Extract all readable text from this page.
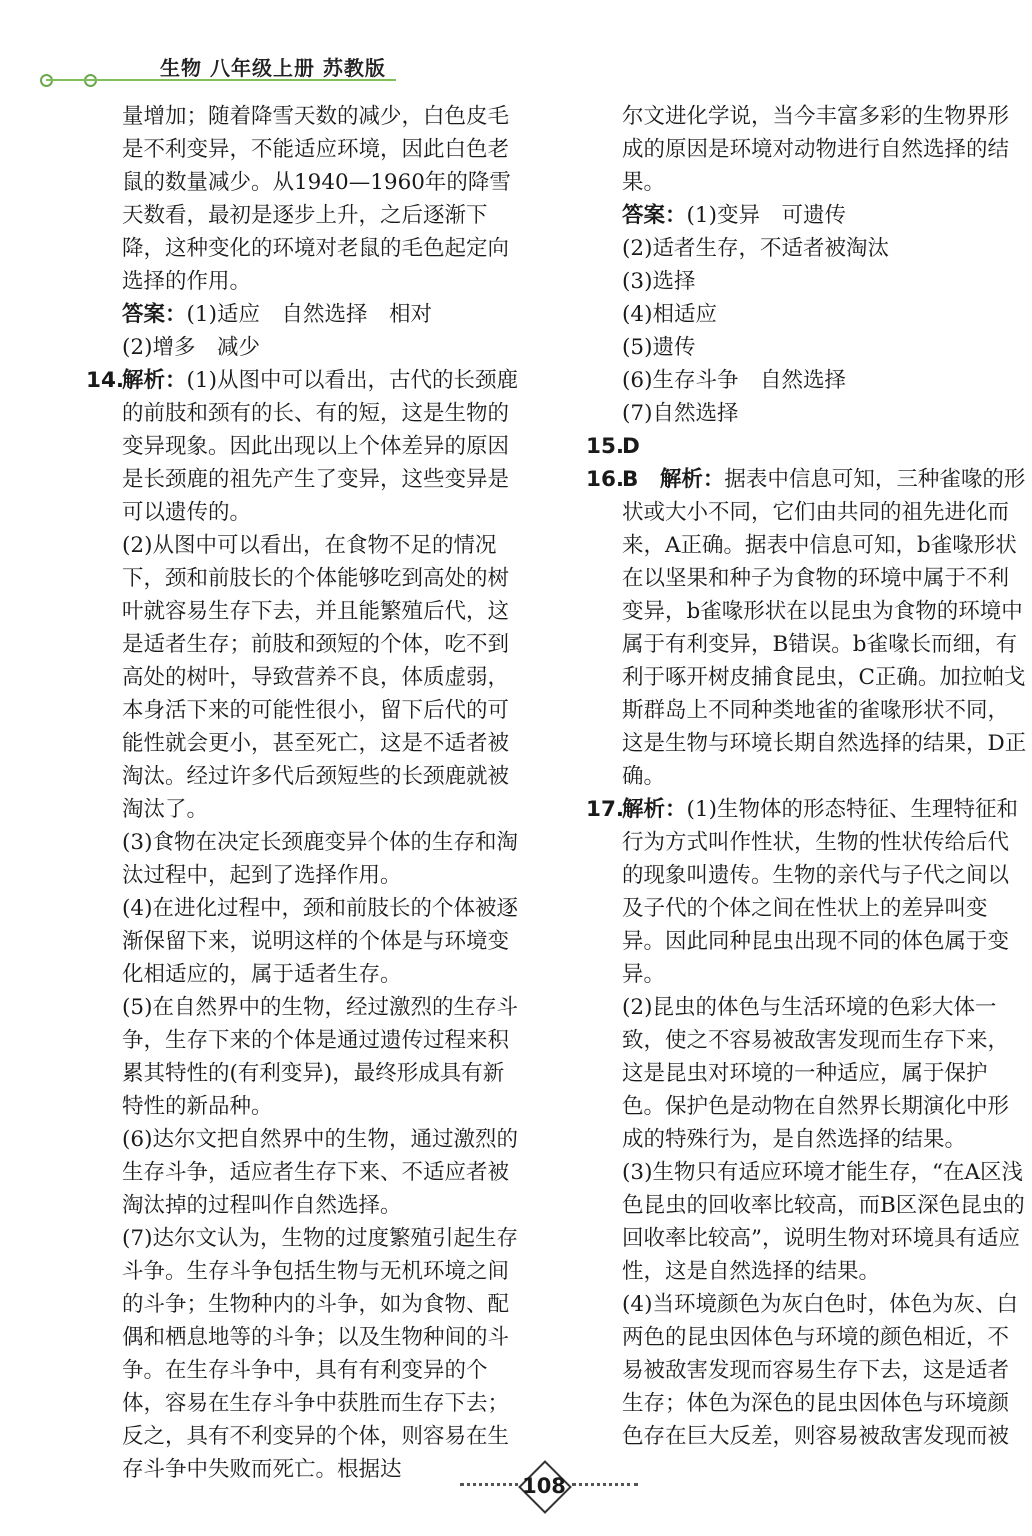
生物 八年级上册 苏教版

量增加；随着降雪天数的减少，白色皮毛是不利变异，不能适应环境，因此白色老鼠的数量减少。从1940—1960年的降雪天数看，最初是逐步上升，之后逐渐下降，这种变化的环境对老鼠的毛色起定向选择的作用。

答案：(1)适应　自然选择　相对

(2)增多　减少

14.

解析：(1)从图中可以看出，古代的长颈鹿的前肢和颈有的长、有的短，这是生物的变异现象。因此出现以上个体差异的原因是长颈鹿的祖先产生了变异，这些变异是可以遗传的。

(2)从图中可以看出，在食物不足的情况下，颈和前肢长的个体能够吃到高处的树叶就容易生存下去，并且能繁殖后代，这是适者生存；前肢和颈短的个体，吃不到高处的树叶，导致营养不良，体质虚弱，本身活下来的可能性很小，留下后代的可能性就会更小，甚至死亡，这是不适者被淘汰。经过许多代后颈短些的长颈鹿就被淘汰了。

(3)食物在决定长颈鹿变异个体的生存和淘汰过程中，起到了选择作用。

(4)在进化过程中，颈和前肢长的个体被逐渐保留下来，说明这样的个体是与环境变化相适应的，属于适者生存。

(5)在自然界中的生物，经过激烈的生存斗争，生存下来的个体是通过遗传过程来积累其特性的(有利变异)，最终形成具有新特性的新品种。

(6)达尔文把自然界中的生物，通过激烈的生存斗争，适应者生存下来、不适应者被淘汰掉的过程叫作自然选择。

(7)达尔文认为，生物的过度繁殖引起生存斗争。生存斗争包括生物与无机环境之间的斗争；生物种内的斗争，如为食物、配偶和栖息地等的斗争；以及生物种间的斗争。在生存斗争中，具有有利变异的个体，容易在生存斗争中获胜而生存下去；反之，具有不利变异的个体，则容易在生存斗争中失败而死亡。根据达

尔文进化学说，当今丰富多彩的生物界形成的原因是环境对动物进行自然选择的结果。

答案：(1)变异　可遗传

(2)适者生存，不适者被淘汰

(3)选择

(4)相适应

(5)遗传

(6)生存斗争　自然选择

(7)自然选择

15.

D

16.

B　 解析：据表中信息可知，三种雀喙的形状或大小不同，它们由共同的祖先进化而来，A正确。据表中信息可知，b雀喙形状在以坚果和种子为食物的环境中属于不利变异，b雀喙形状在以昆虫为食物的环境中属于有利变异，B错误。b雀喙长而细，有利于啄开树皮捕食昆虫，C正确。加拉帕戈斯群岛上不同种类地雀的雀喙形状不同，这是生物与环境长期自然选择的结果，D正确。

17.

解析：(1)生物体的形态特征、生理特征和行为方式叫作性状，生物的性状传给后代的现象叫遗传。生物的亲代与子代之间以及子代的个体之间在性状上的差异叫变异。因此同种昆虫出现不同的体色属于变异。

(2)昆虫的体色与生活环境的色彩大体一致，使之不容易被敌害发现而生存下来，这是昆虫对环境的一种适应，属于保护色。保护色是动物在自然界长期演化中形成的特殊行为，是自然选择的结果。

(3)生物只有适应环境才能生存，“在A区浅色昆虫的回收率比较高，而B区深色昆虫的回收率比较高”，说明生物对环境具有适应性，这是自然选择的结果。

(4)当环境颜色为灰白色时，体色为灰、白两色的昆虫因体色与环境的颜色相近，不易被敌害发现而容易生存下去，这是适者生存；体色为深色的昆虫因体色与环境颜色存在巨大反差，则容易被敌害发现而被

108
